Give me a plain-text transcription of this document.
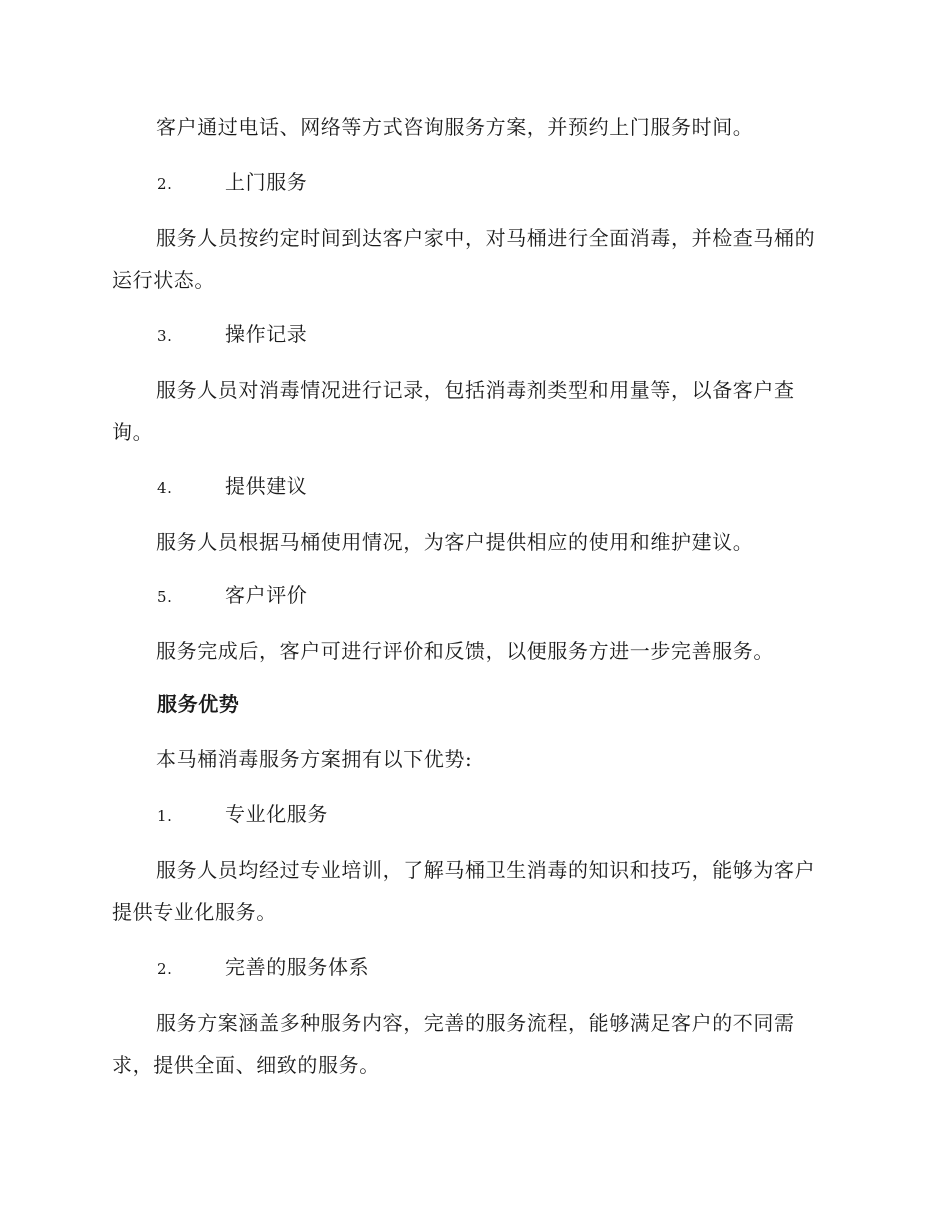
客户通过电话、网络等方式咨询服务方案，并预约上门服务时间。

2.	上门服务

服务人员按约定时间到达客户家中，对马桶进行全面消毒，并检查马桶的运行状态。

3.	操作记录

服务人员对消毒情况进行记录，包括消毒剂类型和用量等，以备客户查询。

4.	提供建议

服务人员根据马桶使用情况，为客户提供相应的使用和维护建议。

5.	客户评价

服务完成后，客户可进行评价和反馈，以便服务方进一步完善服务。

服务优势

本马桶消毒服务方案拥有以下优势:

1.	专业化服务

服务人员均经过专业培训，了解马桶卫生消毒的知识和技巧，能够为客户提供专业化服务。

2.	完善的服务体系

服务方案涵盖多种服务内容，完善的服务流程，能够满足客户的不同需求，提供全面、细致的服务。
